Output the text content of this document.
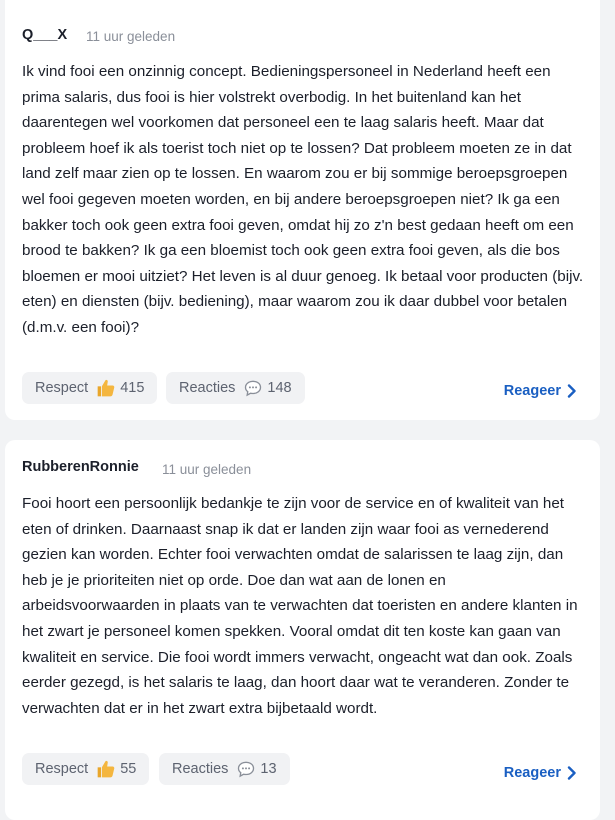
Q___X 11 uur geleden

Ik vind fooi een onzinnig concept. Bedieningspersoneel in Nederland heeft een prima salaris, dus fooi is hier volstrekt overbodig. In het buitenland kan het daarentegen wel voorkomen dat personeel een te laag salaris heeft. Maar dat probleem hoef ik als toerist toch niet op te lossen? Dat probleem moeten ze in dat land zelf maar zien op te lossen. En waarom zou er bij sommige beroepsgroepen wel fooi gegeven moeten worden, en bij andere beroepsgroepen niet? Ik ga een bakker toch ook geen extra fooi geven, omdat hij zo z'n best gedaan heeft om een brood te bakken? Ik ga een bloemist toch ook geen extra fooi geven, als die bos bloemen er mooi uitziet? Het leven is al duur genoeg. Ik betaal voor producten (bijv. eten) en diensten (bijv. bediening), maar waarom zou ik daar dubbel voor betalen (d.m.v. een fooi)?

Respect 415 Reacties 148	Reageer
RubberenRonnie 11 uur geleden

Fooi hoort een persoonlijk bedankje te zijn voor de service en of kwaliteit van het eten of drinken. Daarnaast snap ik dat er landen zijn waar fooi as vernederend gezien kan worden. Echter fooi verwachten omdat de salarissen te laag zijn, dan heb je je prioriteiten niet op orde. Doe dan wat aan de lonen en arbeidsvoorwaarden in plaats van te verwachten dat toeristen en andere klanten in het zwart je personeel komen spekken. Vooral omdat dit ten koste kan gaan van kwaliteit en service. Die fooi wordt immers verwacht, ongeacht wat dan ook. Zoals eerder gezegd, is het salaris te laag, dan hoort daar wat te veranderen. Zonder te verwachten dat er in het zwart extra bijbetaald wordt.

Respect 55 Reacties 13	Reageer
